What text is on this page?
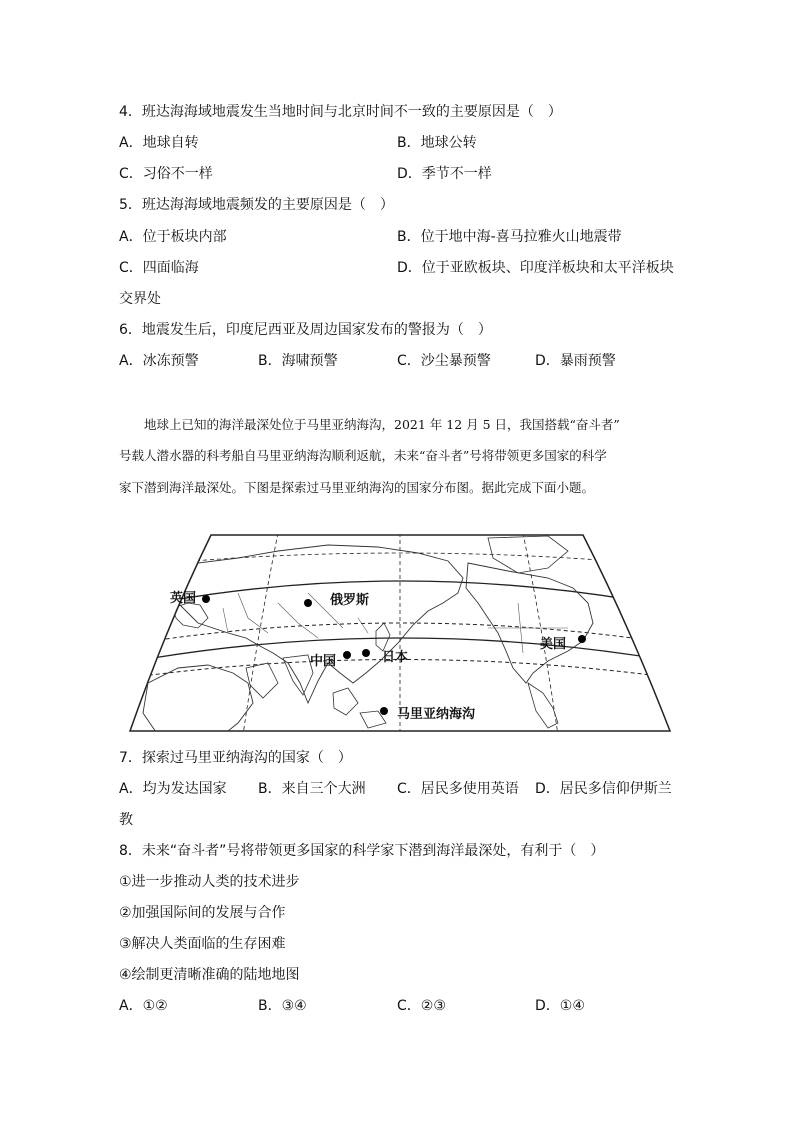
4．班达海海域地震发生当地时间与北京时间不一致的主要原因是（　）
A．地球自转	B．地球公转
C．习俗不一样	D．季节不一样
5．班达海海域地震频发的主要原因是（　）
A．位于板块内部	B．位于地中海-喜马拉雅火山地震带
C．四面临海	D．位于亚欧板块、印度洋板块和太平洋板块
交界处
6．地震发生后，印度尼西亚及周边国家发布的警报为（　）
A．冰冻预警	B．海啸预警	C．沙尘暴预警	D．暴雨预警
　　地球上已知的海洋最深处位于马里亚纳海沟，2021 年 12 月 5 日，我国搭载“奋斗者”
号载人潜水器的科考船自马里亚纳海沟顺利返航，未来“奋斗者”号将带领更多国家的科学
家下潜到海洋最深处。下图是探索过马里亚纳海沟的国家分布图。据此完成下面小题。
英国	俄罗斯
中国	日本
美国
马里亚纳海沟
7．探索过马里亚纳海沟的国家（　）
A．均为发达国家 B．来自三个大洲 C．居民多使用英语 D．居民多信仰伊斯兰
教
8．未来“奋斗者”号将带领更多国家的科学家下潜到海洋最深处，有利于（　）
①进一步推动人类的技术进步
②加强国际间的发展与合作
③解决人类面临的生存困难
④绘制更清晰准确的陆地地图
A．①②	B．③④	C．②③	D．①④
